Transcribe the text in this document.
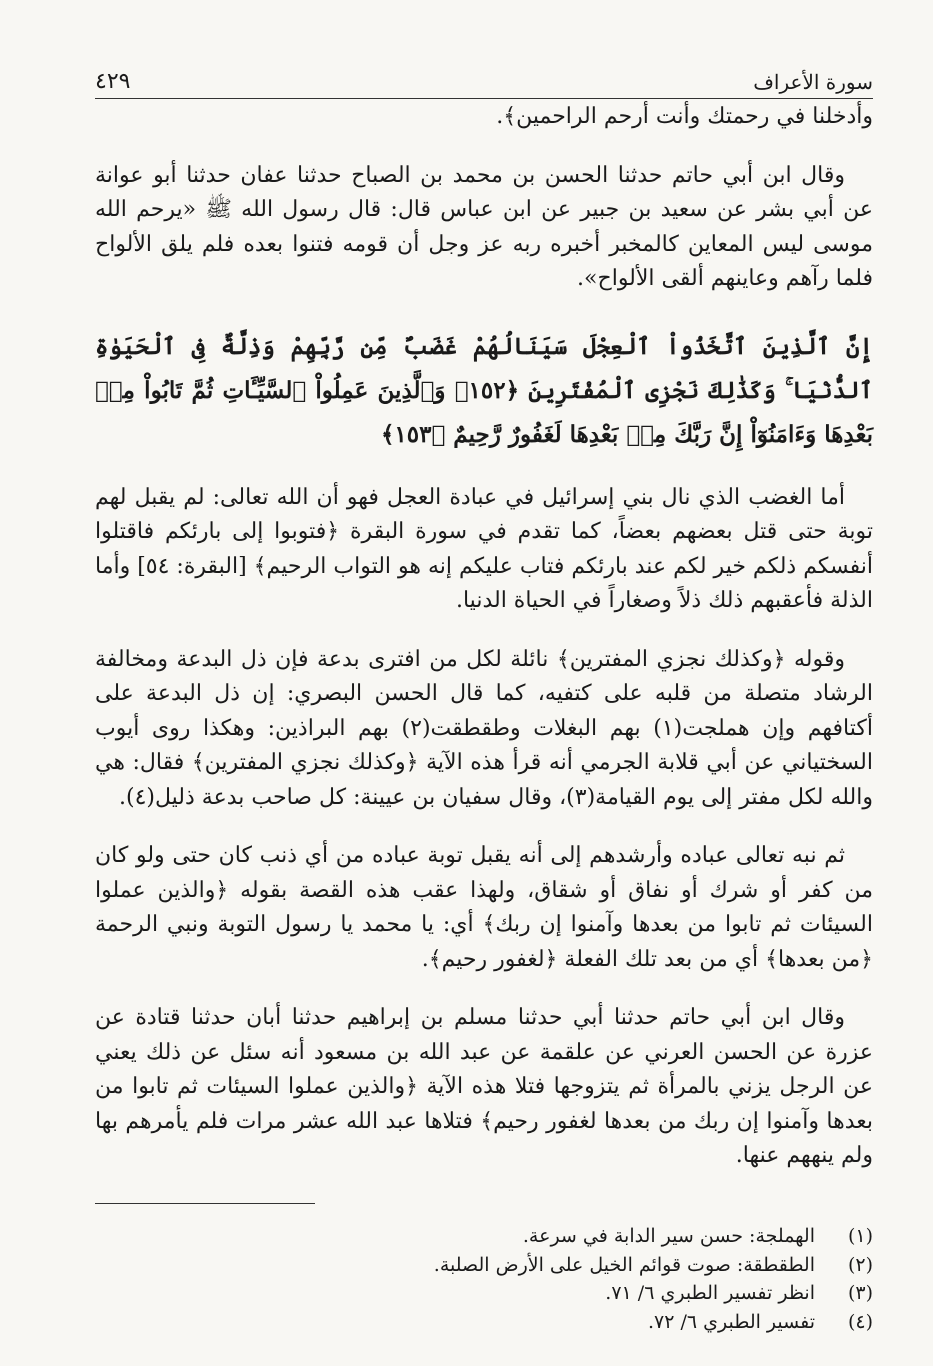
سورة الأعراف
٤٢٩

وأدخلنا في رحمتك وأنت أرحم الراحمين﴾.

وقال ابن أبي حاتم حدثنا الحسن بن محمد بن الصباح حدثنا عفان حدثنا أبو عوانة عن أبي بشر عن سعيد بن جبير عن ابن عباس قال: قال رسول الله ﷺ «يرحم الله موسى ليس المعاين كالمخبر أخبره ربه عز وجل أن قومه فتنوا بعده فلم يلق الألواح فلما رآهم وعاينهم ألقى الألواح».

إِنَّ ٱلَّذِينَ ٱتَّخَذُواْ ٱلْعِجْلَ سَيَنَالُهُمْ غَضَبٌ مِّن رَّبِّهِمْ وَذِلَّةٌ فِى ٱلْحَيَوٰةِ ٱلدُّنْيَا ۚ وَكَذَٰلِكَ نَجْزِى ٱلْمُفْتَرِينَ ﴿١٥٢﴾ وَٱلَّذِينَ عَمِلُواْ ٱلسَّيِّـَٔاتِ ثُمَّ تَابُواْ مِنۢ بَعْدِهَا وَءَامَنُوٓاْ إِنَّ رَبَّكَ مِنۢ بَعْدِهَا لَغَفُورٌ رَّحِيمٌ ﴿١٥٣﴾

أما الغضب الذي نال بني إسرائيل في عبادة العجل فهو أن الله تعالى: لم يقبل لهم توبة حتى قتل بعضهم بعضاً، كما تقدم في سورة البقرة ﴿فتوبوا إلى بارئكم فاقتلوا أنفسكم ذلكم خير لكم عند بارئكم فتاب عليكم إنه هو التواب الرحيم﴾ [البقرة: ٥٤] وأما الذلة فأعقبهم ذلك ذلاً وصغاراً في الحياة الدنيا.

وقوله ﴿وكذلك نجزي المفترين﴾ نائلة لكل من افترى بدعة فإن ذل البدعة ومخالفة الرشاد متصلة من قلبه على كتفيه، كما قال الحسن البصري: إن ذل البدعة على أكتافهم وإن هملجت(١) بهم البغلات وطقطقت(٢) بهم البراذين: وهكذا روى أيوب السختياني عن أبي قلابة الجرمي أنه قرأ هذه الآية ﴿وكذلك نجزي المفترين﴾ فقال: هي والله لكل مفتر إلى يوم القيامة(٣)، وقال سفيان بن عيينة: كل صاحب بدعة ذليل(٤).

ثم نبه تعالى عباده وأرشدهم إلى أنه يقبل توبة عباده من أي ذنب كان حتى ولو كان من كفر أو شرك أو نفاق أو شقاق، ولهذا عقب هذه القصة بقوله ﴿والذين عملوا السيئات ثم تابوا من بعدها وآمنوا إن ربك﴾ أي: يا محمد يا رسول التوبة ونبي الرحمة ﴿من بعدها﴾ أي من بعد تلك الفعلة ﴿لغفور رحيم﴾.

وقال ابن أبي حاتم حدثنا أبي حدثنا مسلم بن إبراهيم حدثنا أبان حدثنا قتادة عن عزرة عن الحسن العرني عن علقمة عن عبد الله بن مسعود أنه سئل عن ذلك يعني عن الرجل يزني بالمرأة ثم يتزوجها فتلا هذه الآية ﴿والذين عملوا السيئات ثم تابوا من بعدها وآمنوا إن ربك من بعدها لغفور رحيم﴾ فتلاها عبد الله عشر مرات فلم يأمرهم بها ولم ينههم عنها.

(١)
الهملجة: حسن سير الدابة في سرعة.
(٢)
الطقطقة: صوت قوائم الخيل على الأرض الصلبة.
(٣)
انظر تفسير الطبري ٦/ ٧١.
(٤)
تفسير الطبري ٦/ ٧٢.
